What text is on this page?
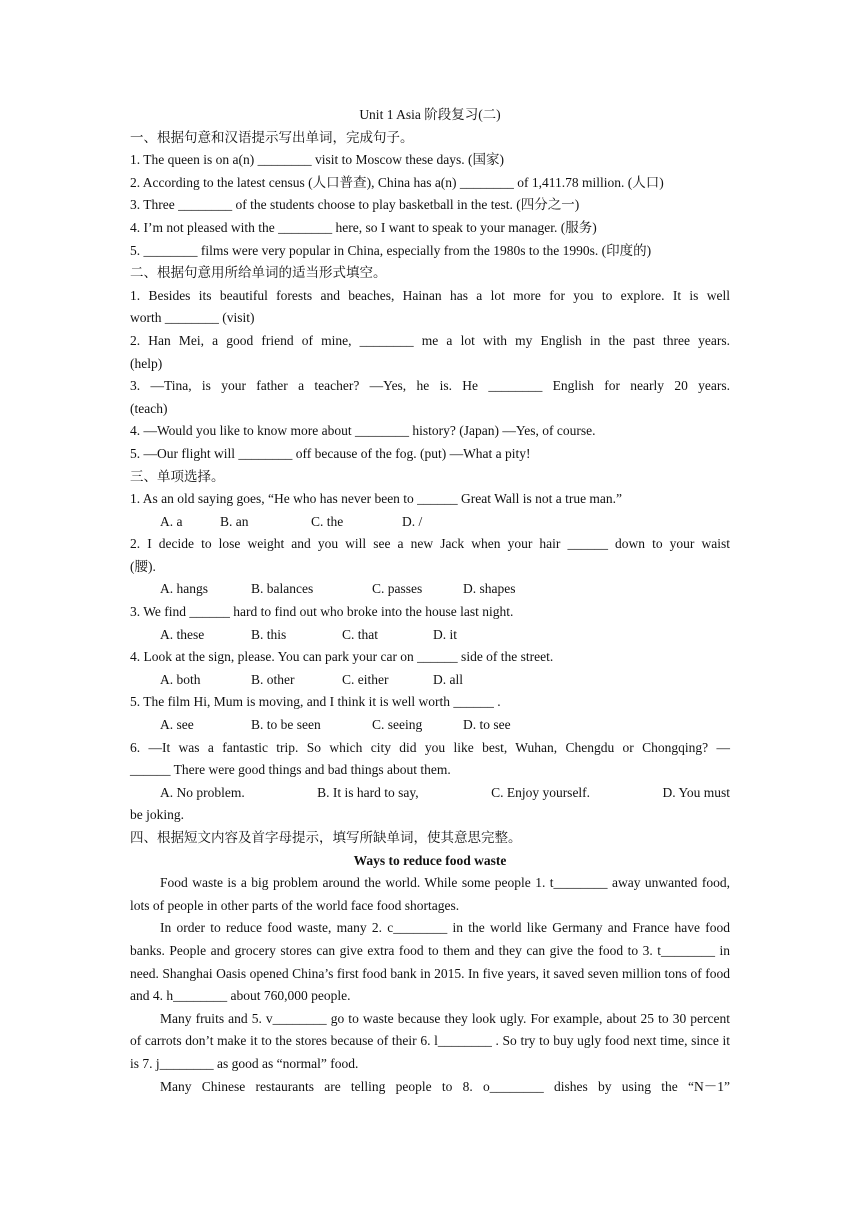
Unit 1 Asia 阶段复习(二)
一、根据句意和汉语提示写出单词，完成句子。
1. The queen is on a(n) ________ visit to Moscow these days. (国家)
2. According to the latest census (人口普查), China has a(n) ________ of 1,411.78 million. (人口)
3. Three ________ of the students choose to play basketball in the test. (四分之一)
4. I’m not pleased with the ________ here, so I want to speak to your manager. (服务)
5. ________ films were very popular in China, especially from the 1980s to the 1990s. (印度的)
二、根据句意用所给单词的适当形式填空。
1. Besides its beautiful forests and beaches, Hainan has a lot more for you to explore. It is well
worth ________ (visit)
2. Han Mei, a good friend of mine, ________ me a lot with my English in the past three years.
(help)
3. —Tina, is your father a teacher? —Yes, he is. He ________ English for nearly 20 years.
(teach)
4. —Would you like to know more about ________ history? (Japan) —Yes, of course.
5. —Our flight will ________ off because of the fog. (put) —What a pity!
三、单项选择。
1. As an old saying goes, “He who has never been to ______ Great Wall is not a true man.”
A. a	B. an	C. the	D. /
2. I decide to lose weight and you will see a new Jack when your hair ______ down to your waist
(腰).
A. hangs	B. balances	C. passes	D. shapes
3. We find ______ hard to find out who broke into the house last night.
A. these	B. this	C. that	D. it
4. Look at the sign, please. You can park your car on ______ side of the street.
A. both	B. other	C. either	D. all
5. The film Hi, Mum is moving, and I think it is well worth ______ .
A. see	B. to be seen	C. seeing	D. to see
6. —It was a fantastic trip. So which city did you like best, Wuhan, Chengdu or Chongqing? —
______ There were good things and bad things about them.
A. No problem.	B. It is hard to say,	C. Enjoy yourself.	D. You must
be joking.
四、根据短文内容及首字母提示，填写所缺单词，使其意思完整。
Ways to reduce food waste
Food waste is a big problem around the world. While some people 1. t________ away unwanted food, lots of people in other parts of the world face food shortages.
In order to reduce food waste, many 2. c________ in the world like Germany and France have food banks. People and grocery stores can give extra food to them and they can give the food to 3. t________ in need. Shanghai Oasis opened China’s first food bank in 2015. In five years, it saved seven million tons of food and 4. h________ about 760,000 people.
Many fruits and 5. v________ go to waste because they look ugly. For example, about 25 to 30 percent of carrots don’t make it to the stores because of their 6. l________ . So try to buy ugly food next time, since it is 7. j________ as good as “normal” food.
Many Chinese restaurants are telling people to 8. o________ dishes by using the “N－1”
